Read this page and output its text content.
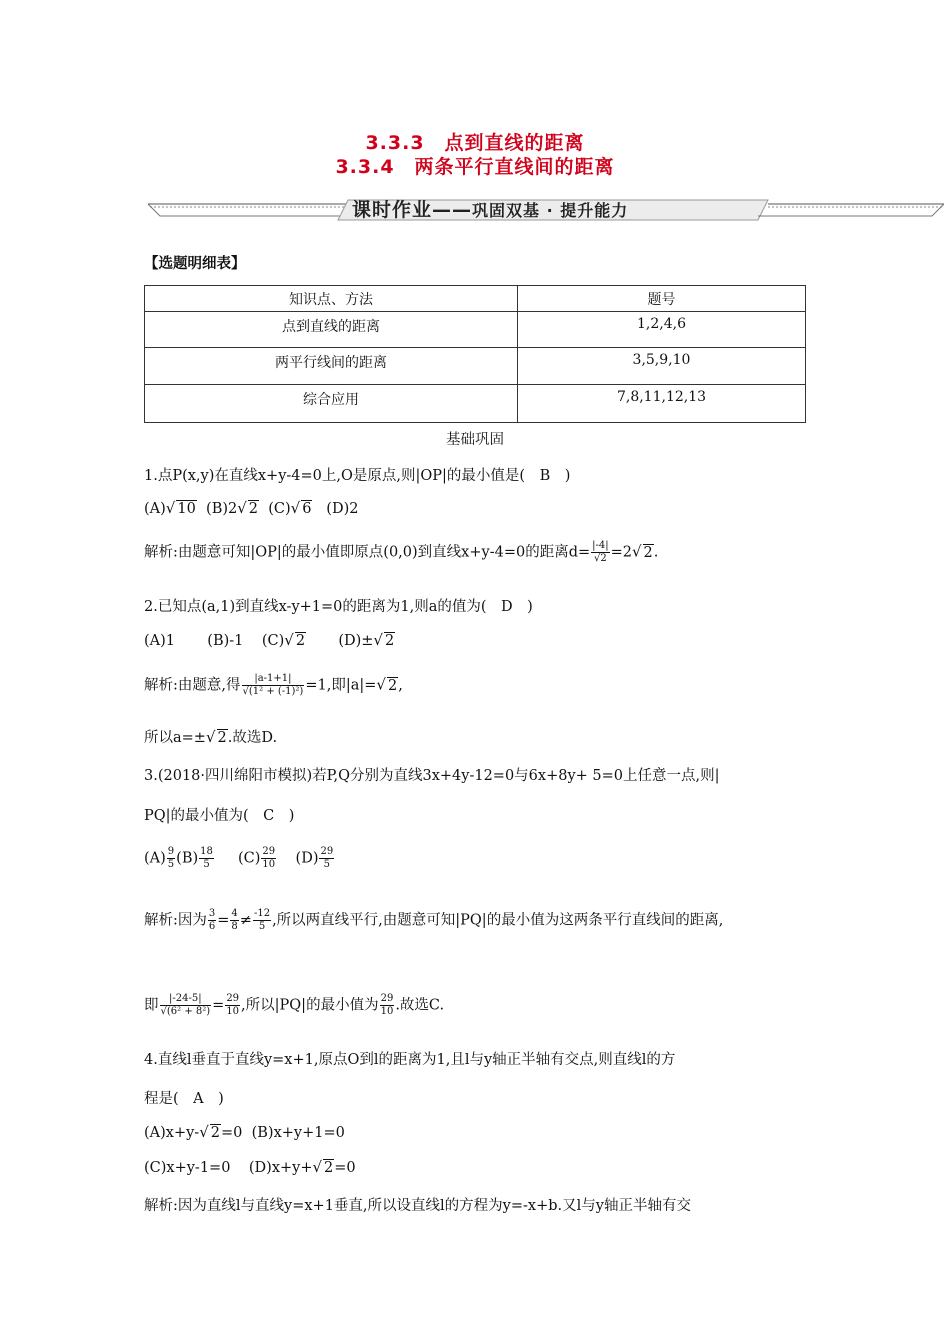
3.3.3　点到直线的距离
3.3.4　两条平行直线间的距离
课时作业——巩固双基 · 提升能力
【选题明细表】
知识点、方法	题号
点到直线的距离	1,2,4,6
两平行线间的距离	3,5,9,10
综合应用	7,8,11,12,13
基础巩固
1.点P(x,y)在直线x+y-4=0上,O是原点,则|OP|的最小值是(　B　)
(A)√ 10 (B)2√ 2 (C)√ 6 (D)2
解析:由题意可知|OP|的最小值即原点(0,0)到直线x+y-4=0的距离$d= \frac{|-4|}{√2} =2√$ 2.
2.已知点(a,1)到直线x-y+1=0的距离为1,则a的值为(　D　)
(A)1 (B)-1 (C)√ 2 (D)±√ 2
解析:由题意,得 $\frac{|a-1+1|}{\text{√(1² + (-1)²)}} =1$,即|a|=√ 2,
所以a=±√ 2.故选D.
3.(2018·四川绵阳市模拟)若P,Q分别为直线3x+4y-12=0与6x+8y+ 5=0上任意一点,则|
PQ|的最小值为(　C　)
$(A) \frac{9}{5} (B) \frac{18}{5} (C) \frac{29}{10} (D) \frac{29}{5}$
解析:因为 $\frac{3}{6} = \frac{4}{8} \ne \frac{-12}{5}$ ,所以两直线平行,由题意可知|PQ|的最小值为这两条平行直线间的距离,
即 $\frac{|-24-5|}{\text{√(6² + 8²)}} = \frac{29}{10}$ ,所以|PQ|的最小值为 $\frac{29}{10}$ .故选C.
4.直线l垂直于直线y=x+1,原点O到l的距离为1,且l与y轴正半轴有交点,则直线l的方
程是(　A　)
(A)x+y-√ 2=0 (B)x+y+1=0
(C)x+y-1=0 (D)x+y+√ 2=0
解析:因为直线l与直线y=x+1垂直,所以设直线l的方程为y=-x+b.又l与y轴正半轴有交
